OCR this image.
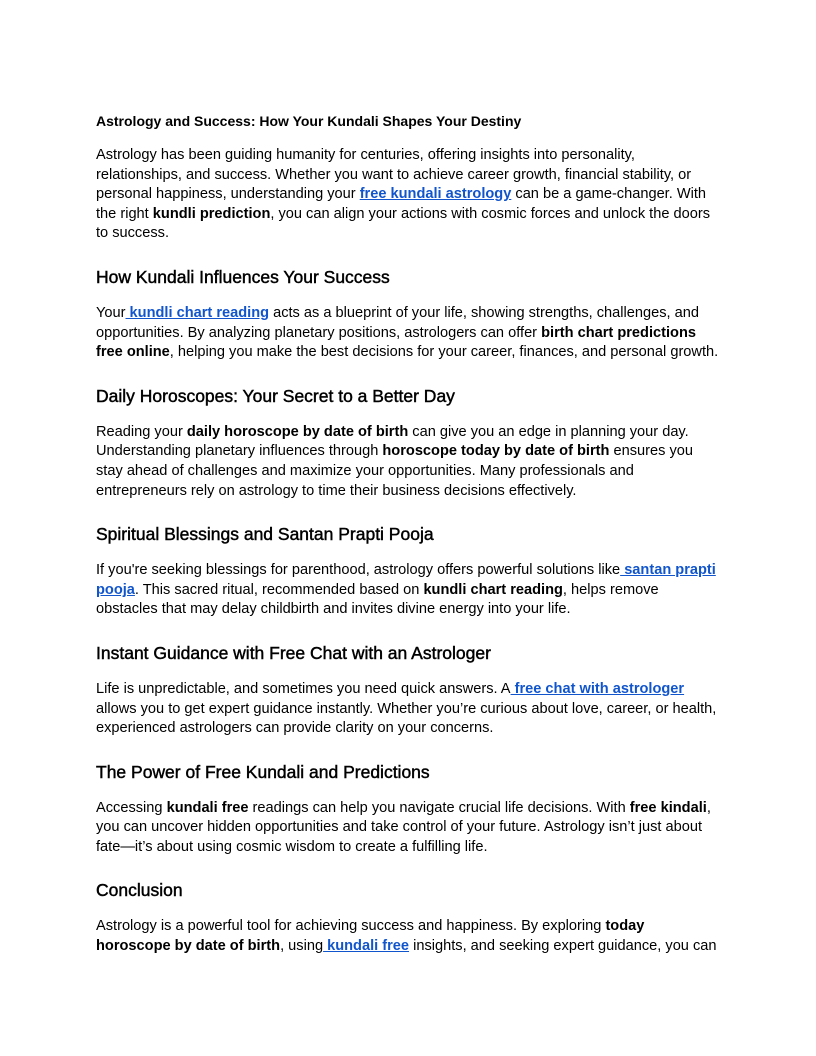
Astrology and Success: How Your Kundali Shapes Your Destiny

Astrology has been guiding humanity for centuries, offering insights into personality, relationships, and success. Whether you want to achieve career growth, financial stability, or personal happiness, understanding your free kundali astrology can be a game-changer. With the right kundli prediction, you can align your actions with cosmic forces and unlock the doors to success.

How Kundali Influences Your Success

Your kundli chart reading acts as a blueprint of your life, showing strengths, challenges, and opportunities. By analyzing planetary positions, astrologers can offer birth chart predictions free online, helping you make the best decisions for your career, finances, and personal growth.

Daily Horoscopes: Your Secret to a Better Day

Reading your daily horoscope by date of birth can give you an edge in planning your day. Understanding planetary influences through horoscope today by date of birth ensures you stay ahead of challenges and maximize your opportunities. Many professionals and entrepreneurs rely on astrology to time their business decisions effectively.

Spiritual Blessings and Santan Prapti Pooja

If you're seeking blessings for parenthood, astrology offers powerful solutions like santan prapti pooja. This sacred ritual, recommended based on kundli chart reading, helps remove obstacles that may delay childbirth and invites divine energy into your life.

Instant Guidance with Free Chat with an Astrologer

Life is unpredictable, and sometimes you need quick answers. A free chat with astrologer allows you to get expert guidance instantly. Whether you’re curious about love, career, or health, experienced astrologers can provide clarity on your concerns.

The Power of Free Kundali and Predictions

Accessing kundali free readings can help you navigate crucial life decisions. With free kindali, you can uncover hidden opportunities and take control of your future. Astrology isn’t just about fate—it’s about using cosmic wisdom to create a fulfilling life.

Conclusion

Astrology is a powerful tool for achieving success and happiness. By exploring today horoscope by date of birth, using kundali free insights, and seeking expert guidance, you can
